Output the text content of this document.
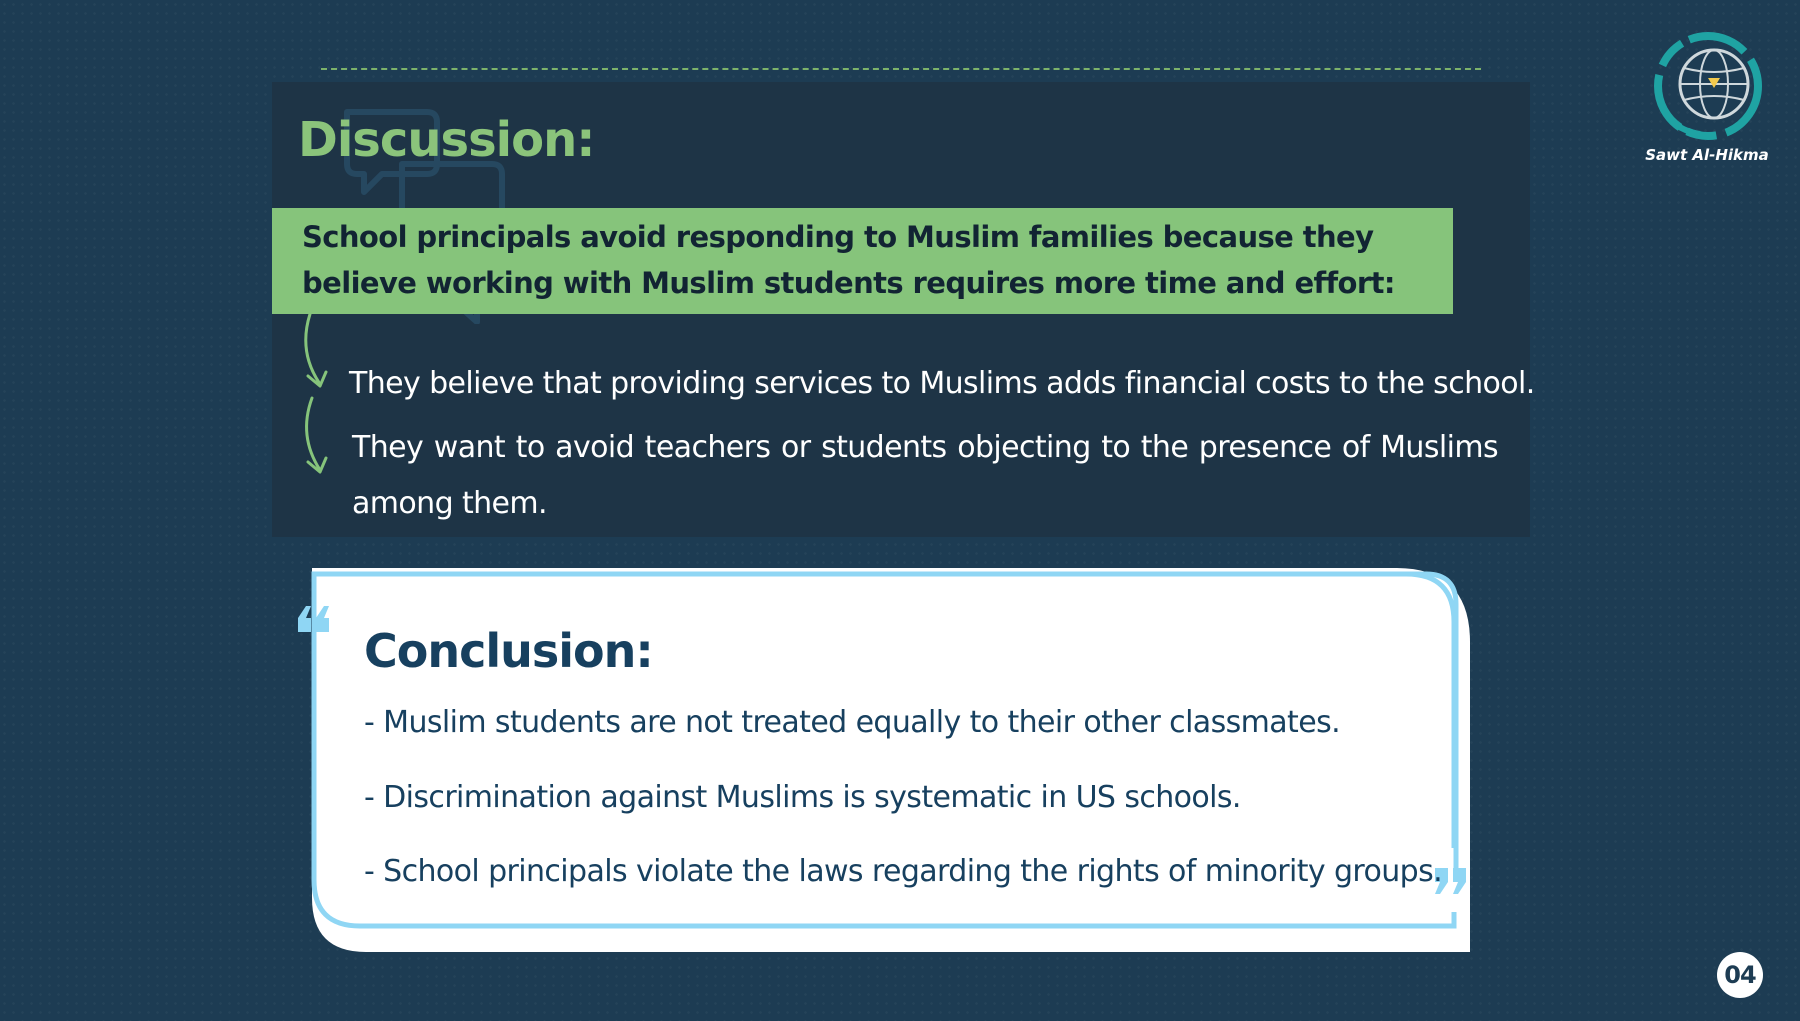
Discussion:

School principals avoid responding to Muslim families because they believe working with Muslim students requires more time and effort:

They believe that providing services to Muslims adds financial costs to the school.

They want to avoid teachers or students objecting to the presence of Muslims among them.

Conclusion:

- Muslim students are not treated equally to their other classmates.

- Discrimination against Muslims is systematic in US schools.

- School principals violate the laws regarding the rights of minority groups.

Sawt Al-Hikma

04
